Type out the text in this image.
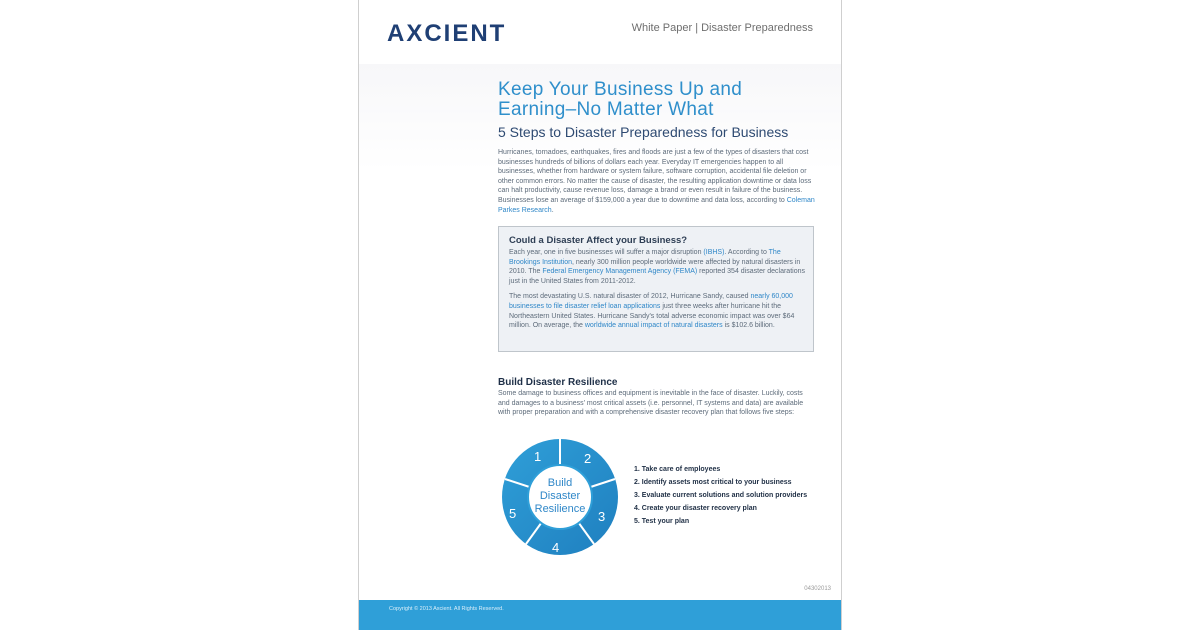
AXCIENT	White Paper | Disaster Preparedness
Keep Your Business Up and Earning–No Matter What
5 Steps to Disaster Preparedness for Business
Hurricanes, tornadoes, earthquakes, fires and floods are just a few of the types of disasters that cost businesses hundreds of billions of dollars each year. Everyday IT emergencies happen to all businesses, whether from hardware or system failure, software corruption, accidental file deletion or other common errors. No matter the cause of disaster, the resulting application downtime or data loss can halt productivity, cause revenue loss, damage a brand or even result in failure of the business. Businesses lose an average of $159,000 a year due to downtime and data loss, according to Coleman Parkes Research.
Could a Disaster Affect your Business?

Each year, one in five businesses will suffer a major disruption (IBHS). According to The Brookings Institution, nearly 300 million people worldwide were affected by natural disasters in 2010. The Federal Emergency Management Agency (FEMA) reported 354 disaster declarations just in the United States from 2011-2012.

The most devastating U.S. natural disaster of 2012, Hurricane Sandy, caused nearly 60,000 businesses to file disaster relief loan applications just three weeks after hurricane hit the Northeastern United States. Hurricane Sandy's total adverse economic impact was over $64 million. On average, the worldwide annual impact of natural disasters is $102.6 billion.

Build Disaster Resilience
Some damage to business offices and equipment is inevitable in the face of disaster. Luckily, costs and damages to a business' most critical assets (i.e. personnel, IT systems and data) are available with proper preparation and with a comprehensive disaster recovery plan that follows five steps:
Build
Disaster
Resilience
1	2
3
4
5
1. Take care of employees
2. Identify assets most critical to your business
3. Evaluate current solutions and solution providers
4. Create your disaster recovery plan
5. Test your plan
04302013
Copyright © 2013 Axcient. All Rights Reserved.
